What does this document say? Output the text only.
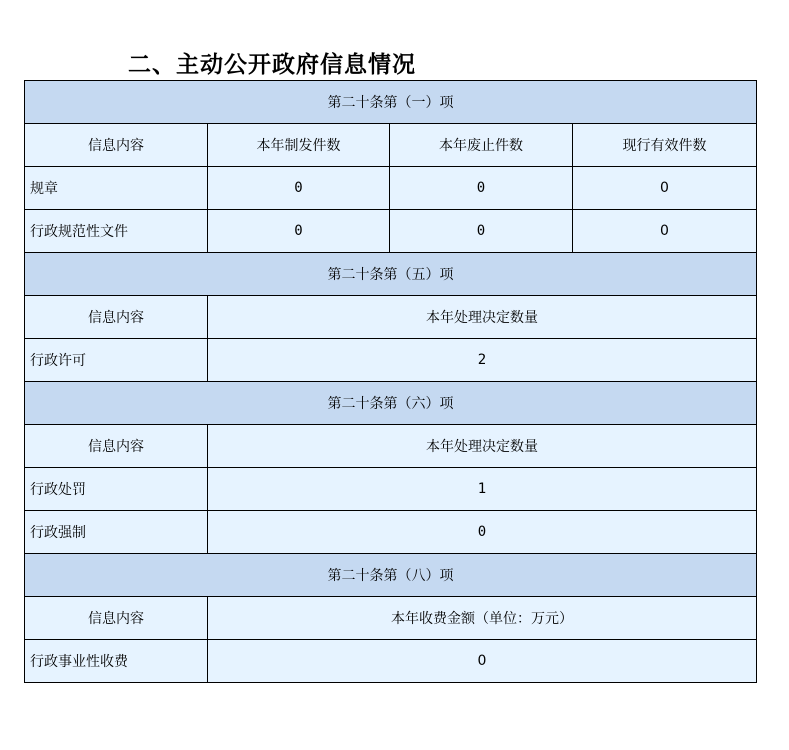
二、主动公开政府信息情况
第二十条第（一）项			
信息内容	本年制发件数	本年废止件数	现行有效件数
规章	0	0	0
行政规范性文件	0	0	0
第二十条第（五）项			
信息内容	本年处理决定数量		
行政许可	2		
第二十条第（六）项			
信息内容	本年处理决定数量		
行政处罚	1		
行政强制	0		
第二十条第（八）项			
信息内容	本年收费金额（单位：万元）		
行政事业性收费	0		
